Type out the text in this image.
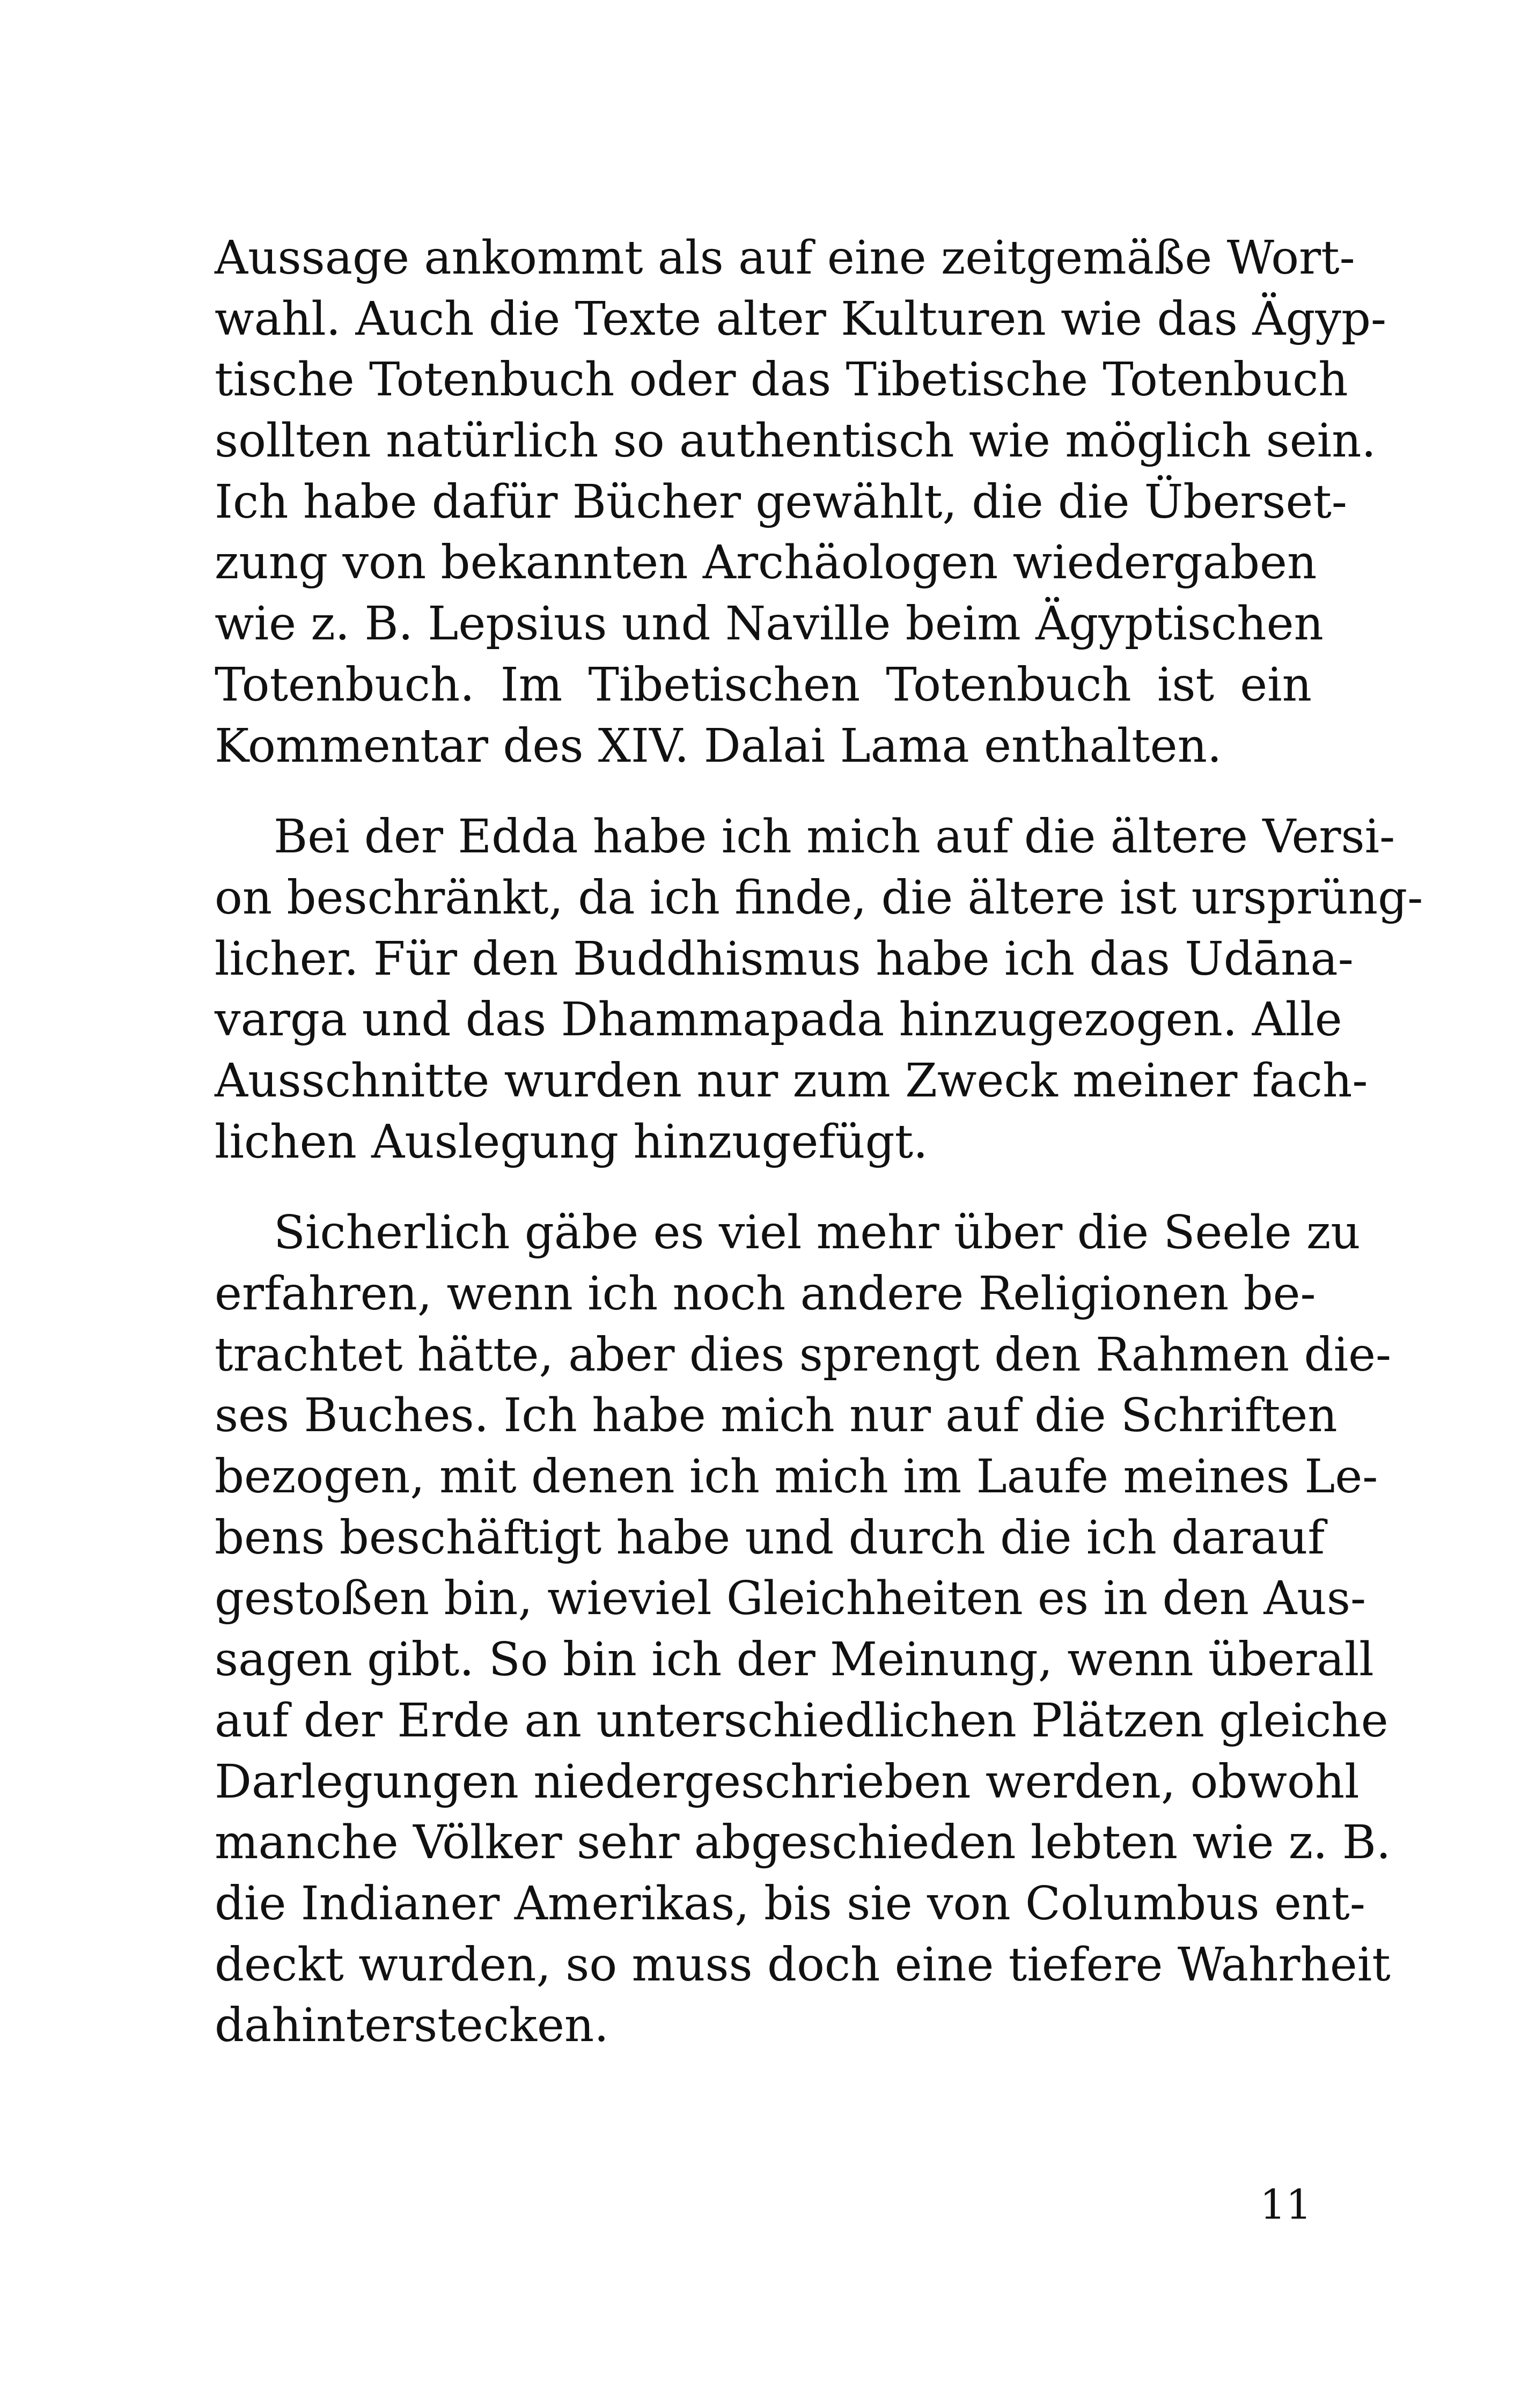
Aussage ankommt als auf eine zeitgemäße Wort-
wahl. Auch die Texte alter Kulturen wie das Ägyp-
tische Totenbuch oder das Tibetische Totenbuch
sollten natürlich so authentisch wie möglich sein.
Ich habe dafür Bücher gewählt, die die Überset-
zung von bekannten Archäologen wiedergaben
wie z. B. Lepsius und Naville beim Ägyptischen
Totenbuch. Im Tibetischen Totenbuch ist ein
Kommentar des XIV. Dalai Lama enthalten.
Bei der Edda habe ich mich auf die ältere Versi-
on beschränkt, da ich finde, die ältere ist ursprüng-
licher. Für den Buddhismus habe ich das Udāna-
varga und das Dhammapada hinzugezogen. Alle
Ausschnitte wurden nur zum Zweck meiner fach-
lichen Auslegung hinzugefügt.
Sicherlich gäbe es viel mehr über die Seele zu
erfahren, wenn ich noch andere Religionen be-
trachtet hätte, aber dies sprengt den Rahmen die-
ses Buches. Ich habe mich nur auf die Schriften
bezogen, mit denen ich mich im Laufe meines Le-
bens beschäftigt habe und durch die ich darauf
gestoßen bin, wieviel Gleichheiten es in den Aus-
sagen gibt. So bin ich der Meinung, wenn überall
auf der Erde an unterschiedlichen Plätzen gleiche
Darlegungen niedergeschrieben werden, obwohl
manche Völker sehr abgeschieden lebten wie z. B.
die Indianer Amerikas, bis sie von Columbus ent-
deckt wurden, so muss doch eine tiefere Wahrheit
dahinterstecken.
11
